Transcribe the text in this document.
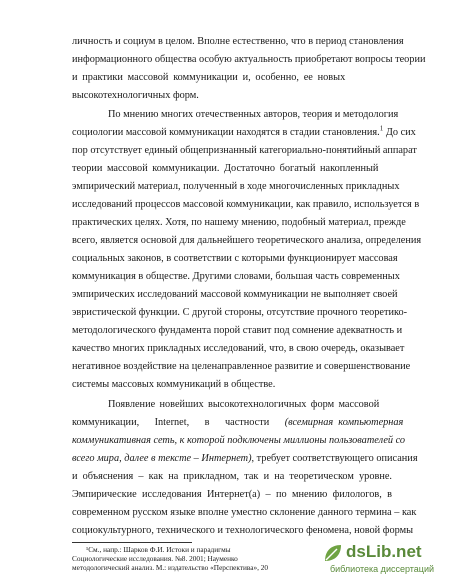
личность и социум в целом. Вполне естественно, что в период становления
информационного общества особую актуальность приобретают вопросы теории
и практики массовой коммуникации и, особенно, ее новых
высокотехнологичных форм.
По мнению многих отечественных авторов, теория и методология
социологии массовой коммуникации находятся в стадии становления.$^1$ До сих
пор отсутствует единый общепризнанный категориально-понятийный аппарат
теории массовой коммуникации. Достаточно богатый накопленный
эмпирический материал, полученный в ходе многочисленных прикладных
исследований процессов массовой коммуникации, как правило, используется в
практических целях. Хотя, по нашему мнению, подобный материал, прежде
всего, является основой для дальнейшего теоретического анализа, определения
социальных законов, в соответствии с которыми функционирует массовая
коммуникация в обществе. Другими словами, большая часть современных
эмпирических исследований массовой коммуникации не выполняет своей
эвристической функции. С другой стороны, отсутствие прочного теоретико-
методологического фундамента порой ставит под сомнение адекватность и
качество многих прикладных исследований, что, в свою очередь, оказывает
негативное воздействие на целенаправленное развитие и совершенствование
системы массовых коммуникаций в обществе.
Появление новейших высокотехнологичных форм массовой
коммуникации,      Internet,      в      частности      (всемирная  компьютерная
коммуникативная сеть, к которой подключены миллионы пользователей со
всего мира, далее в тексте – Интернет), требует соответствующего описания
и объяснения – как на прикладном, так и на теоретическом уровне.
Эмпирические исследования Интернет(а) – по мнению филологов, в
современном русском языке вполне уместно склонение данного термина – как
социокультурного, технического и технологического феномена, новой формы
¹См., напр.: Шарков Ф.И. Истоки и парадигмы
Социологические исследования. №8. 2001; Науменко
методологический анализ. М.: издательство «Перспектива», 20
dsLib.net
библиотека диссертаций
